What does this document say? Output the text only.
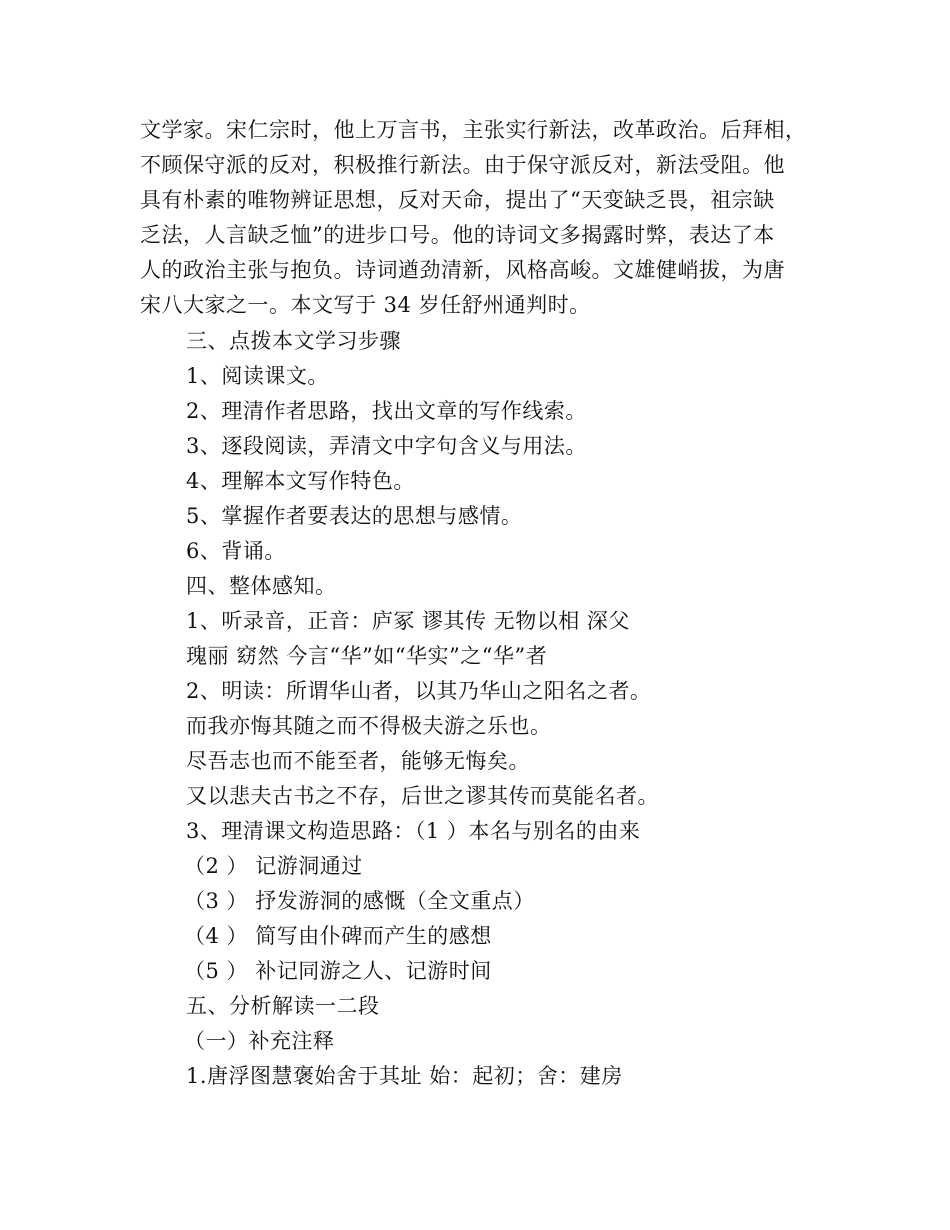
文学家。宋仁宗时，他上万言书，主张实行新法，改革政治。后拜相，
不顾保守派的反对，积极推行新法。由于保守派反对，新法受阻。他
具有朴素的唯物辨证思想，反对天命，提出了“天变缺乏畏，祖宗缺
乏法，人言缺乏恤”的进步口号。他的诗词文多揭露时弊，表达了本
人的政治主张与抱负。诗词遒劲清新，风格高峻。文雄健峭拔，为唐
宋八大家之一。本文写于 34 岁任舒州通判时。
三、点拨本文学习步骤
1、阅读课文。
2、理清作者思路，找出文章的写作线索。
3、逐段阅读，弄清文中字句含义与用法。
4、理解本文写作特色。
5、掌握作者要表达的思想与感情。
6、背诵。
四、整体感知。
1、听录音，正音：庐冢 谬其传 无物以相 深父
瑰丽 窈然 今言“华”如“华实”之“华”者
2、明读：所谓华山者，以其乃华山之阳名之者。
而我亦悔其随之而不得极夫游之乐也。
尽吾志也而不能至者，能够无悔矣。
又以悲夫古书之不存，后世之谬其传而莫能名者。
3、理清课文构造思路：（1 ）本名与别名的由来
（2 ） 记游洞通过
（3 ） 抒发游洞的感慨（全文重点）
（4 ） 简写由仆碑而产生的感想
（5 ） 补记同游之人、记游时间
五、分析解读一二段
（一）补充注释
1.唐浮图慧褒始舍于其址 始：起初；舍：建房
